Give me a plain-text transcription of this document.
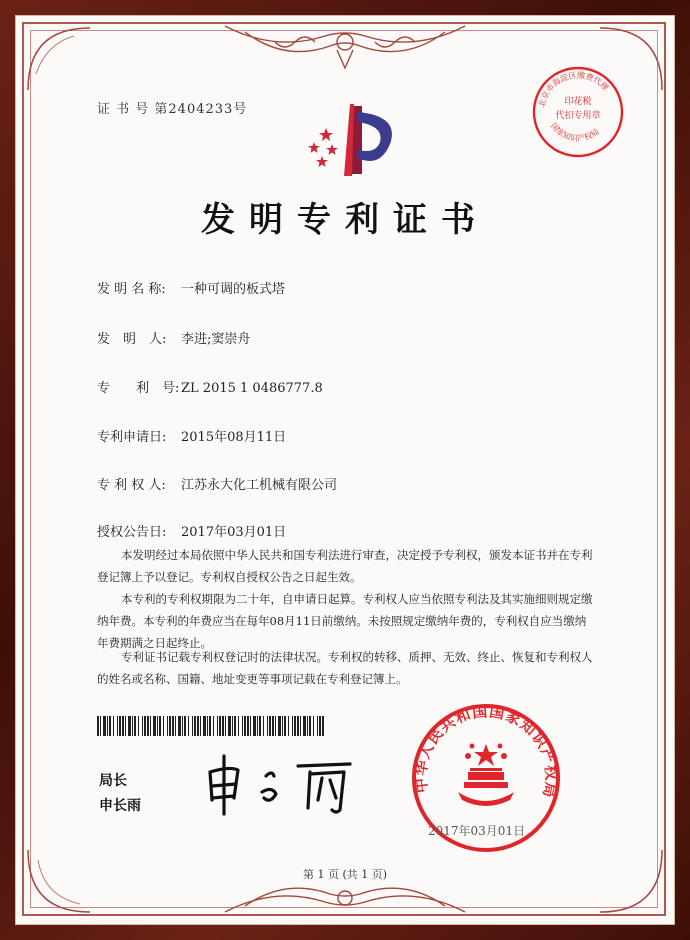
证 书 号 第2404233号	北京市海淀区缴费代理
印花税
代扣专用章
国家知识产权局
发明专利证书
发 明 名 称: 一种可调的板式塔
发　明　人: 李进;窦崇舟
专　　利　号: ZL 2015 1 0486777.8
专利申请日: 2015年08月11日
专 利 权 人: 江苏永大化工机械有限公司
授权公告日: 2017年03月01日
本发明经过本局依照中华人民共和国专利法进行审查，决定授予专利权，颁发本证书并在专利登记簿上予以登记。专利权自授权公告之日起生效。
本专利的专利权期限为二十年，自申请日起算。专利权人应当依照专利法及其实施细则规定缴纳年费。本专利的年费应当在每年08月11日前缴纳。未按照规定缴纳年费的，专利权自应当缴纳年费期满之日起终止。
专利证书记载专利权登记时的法律状况。专利权的转移、质押、无效、终止、恢复和专利权人的姓名或名称、国籍、地址变更等事项记载在专利登记簿上。
局长
申长雨
中华人民共和国国家知识产权局
2017年03月01日
第 1 页 (共 1 页)
